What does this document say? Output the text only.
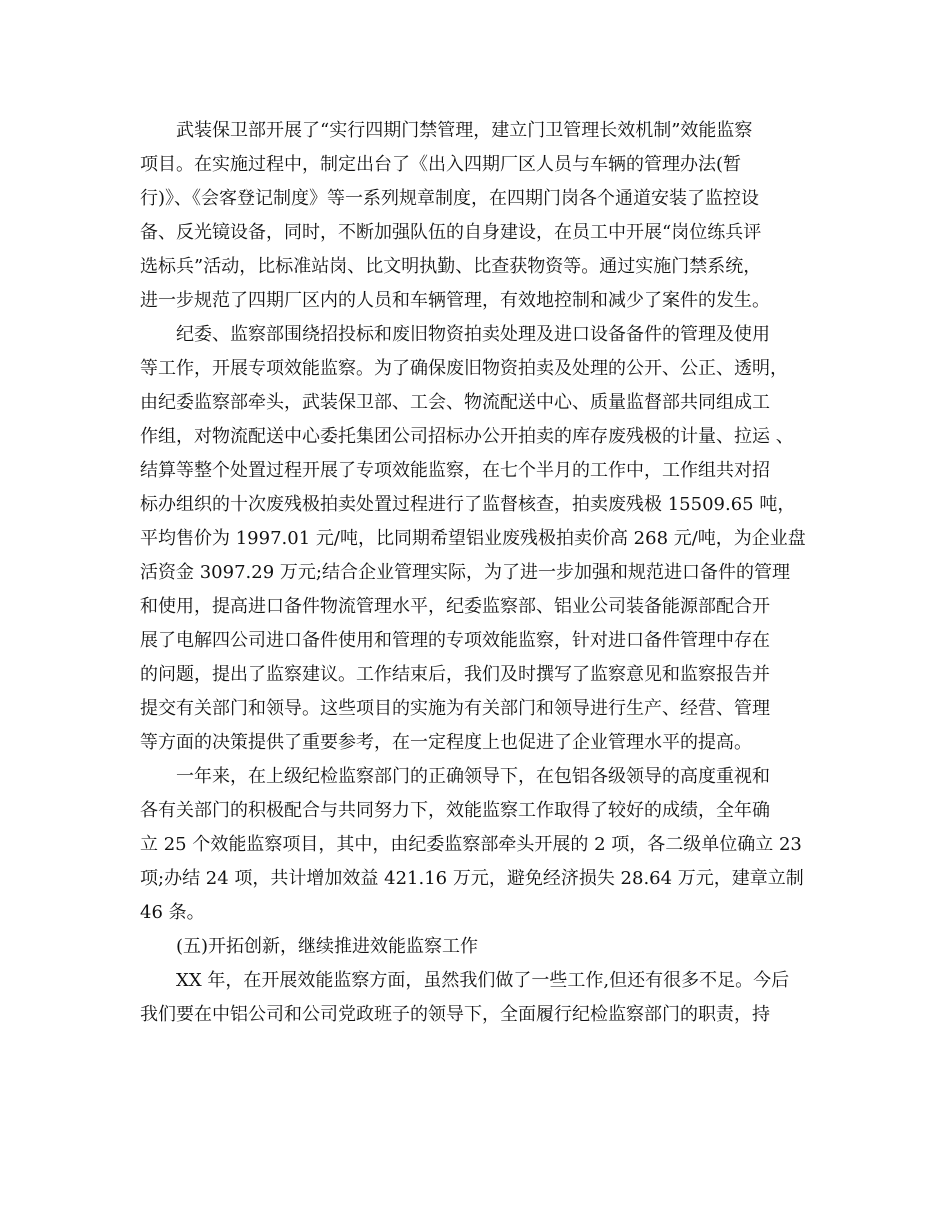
武装保卫部开展了“实行四期门禁管理，建立门卫管理长效机制”效能监察
项目。在实施过程中，制定出台了《出入四期厂区人员与车辆的管理办法(暂
行)》、《会客登记制度》等一系列规章制度，在四期门岗各个通道安装了监控设
备、反光镜设备，同时，不断加强队伍的自身建设，在员工中开展“岗位练兵评
选标兵”活动，比标准站岗、比文明执勤、比查获物资等。通过实施门禁系统，
进一步规范了四期厂区内的人员和车辆管理，有效地控制和减少了案件的发生。
纪委、监察部围绕招投标和废旧物资拍卖处理及进口设备备件的管理及使用
等工作，开展专项效能监察。为了确保废旧物资拍卖及处理的公开、公正、透明，
由纪委监察部牵头，武装保卫部、工会、物流配送中心、质量监督部共同组成工
作组，对物流配送中心委托集团公司招标办公开拍卖的库存废残极的计量、拉运 、
结算等整个处置过程开展了专项效能监察，在七个半月的工作中，工作组共对招
标办组织的十次废残极拍卖处置过程进行了监督核查，拍卖废残极 15509.65 吨，
平均售价为 1997.01 元/吨，比同期希望铝业废残极拍卖价高 268 元/吨，为企业盘
活资金 3097.29 万元;结合企业管理实际，为了进一步加强和规范进口备件的管理
和使用，提高进口备件物流管理水平，纪委监察部、铝业公司装备能源部配合开
展了电解四公司进口备件使用和管理的专项效能监察，针对进口备件管理中存在
的问题，提出了监察建议。工作结束后，我们及时撰写了监察意见和监察报告并
提交有关部门和领导。这些项目的实施为有关部门和领导进行生产、经营、管理
等方面的决策提供了重要参考，在一定程度上也促进了企业管理水平的提高。
一年来，在上级纪检监察部门的正确领导下，在包铝各级领导的高度重视和
各有关部门的积极配合与共同努力下，效能监察工作取得了较好的成绩，全年确
立 25 个效能监察项目，其中，由纪委监察部牵头开展的 2 项，各二级单位确立 23
项;办结 24 项，共计增加效益 421.16 万元，避免经济损失 28.64 万元，建章立制
46 条。
(五)开拓创新，继续推进效能监察工作
XX 年，在开展效能监察方面，虽然我们做了一些工作,但还有很多不足。今后
我们要在中铝公司和公司党政班子的领导下，全面履行纪检监察部门的职责，持
